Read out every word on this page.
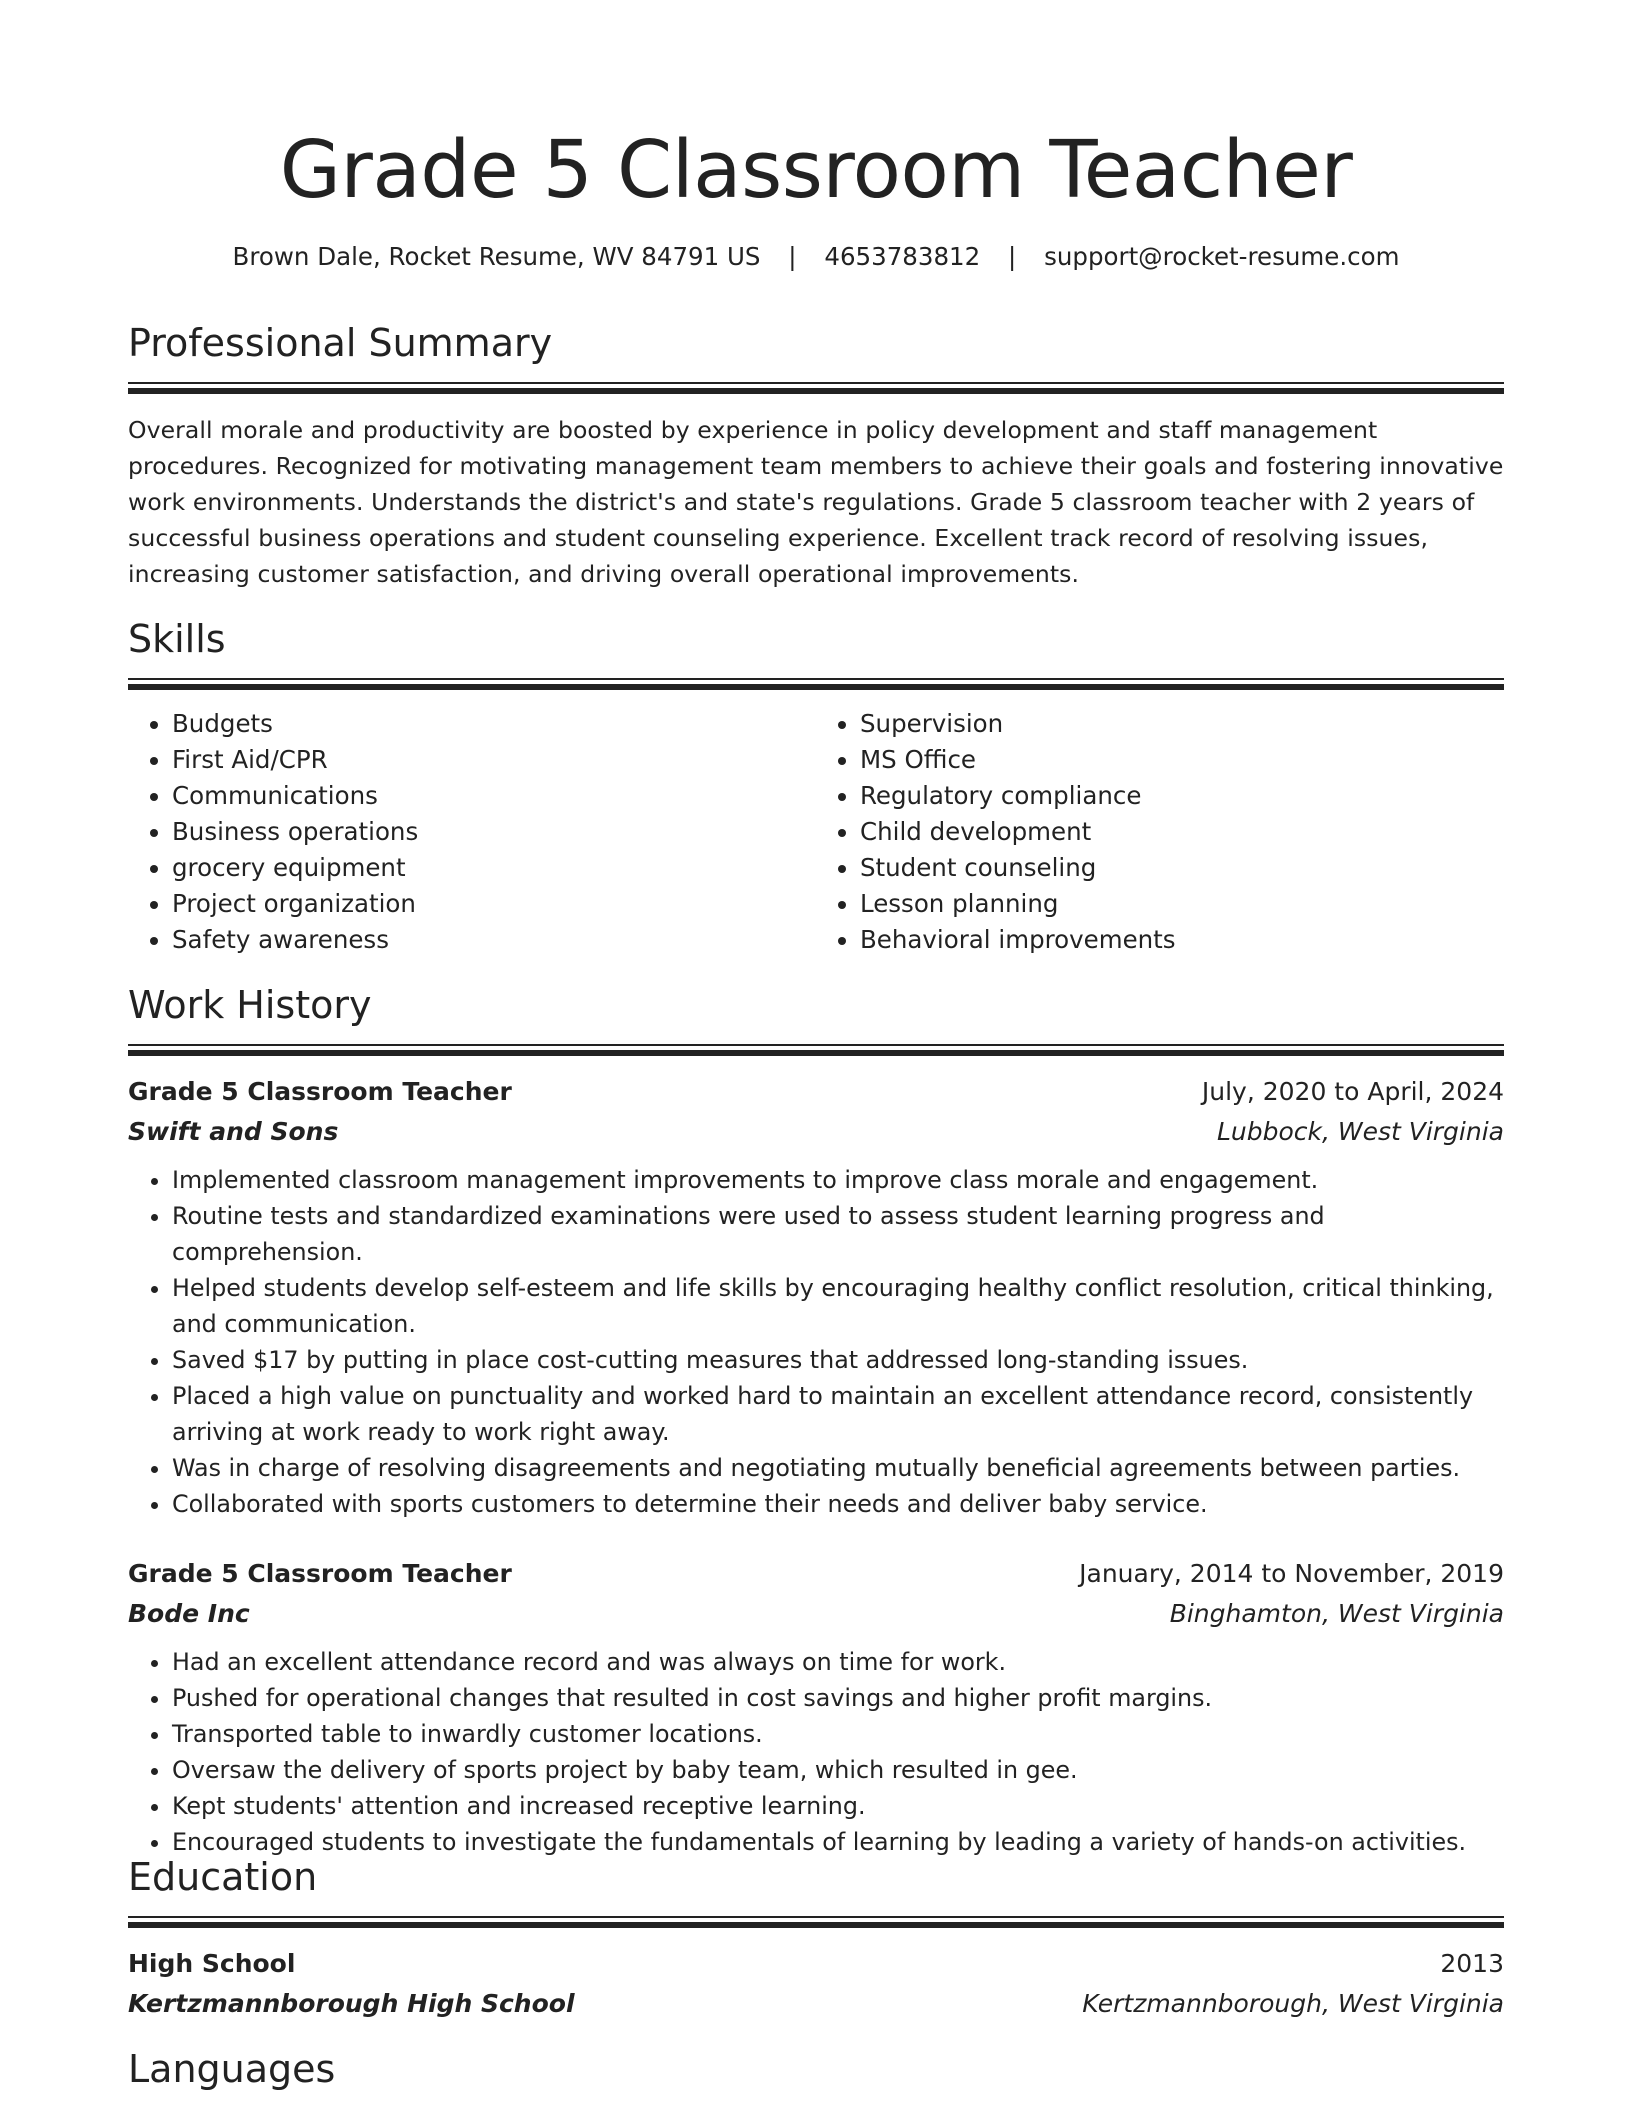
Grade 5 Classroom Teacher
Brown Dale, Rocket Resume, WV 84791 US | 4653783812 | support@rocket-resume.com
Professional Summary
Overall morale and productivity are boosted by experience in policy development and staff management procedures. Recognized for motivating management team members to achieve their goals and fostering innovative work environments. Understands the district's and state's regulations. Grade 5 classroom teacher with 2 years of successful business operations and student counseling experience. Excellent track record of resolving issues, increasing customer satisfaction, and driving overall operational improvements.
Skills
• Budgets
• First Aid/CPR
• Communications
• Business operations
• grocery equipment
• Project organization
• Safety awareness
• Supervision
• MS Office
• Regulatory compliance
• Child development
• Student counseling
• Lesson planning
• Behavioral improvements
Work History
Grade 5 Classroom Teacher	July, 2020 to April, 2024
Swift and Sons	Lubbock, West Virginia
• Implemented classroom management improvements to improve class morale and engagement.
• Routine tests and standardized examinations were used to assess student learning progress and comprehension.
• Helped students develop self-esteem and life skills by encouraging healthy conflict resolution, critical thinking, and communication.
• Saved $17 by putting in place cost-cutting measures that addressed long-standing issues.
• Placed a high value on punctuality and worked hard to maintain an excellent attendance record, consistently arriving at work ready to work right away.
• Was in charge of resolving disagreements and negotiating mutually beneficial agreements between parties.
• Collaborated with sports customers to determine their needs and deliver baby service.
Grade 5 Classroom Teacher	January, 2014 to November, 2019
Bode Inc	Binghamton, West Virginia
• Had an excellent attendance record and was always on time for work.
• Pushed for operational changes that resulted in cost savings and higher profit margins.
• Transported table to inwardly customer locations.
• Oversaw the delivery of sports project by baby team, which resulted in gee.
• Kept students' attention and increased receptive learning.
• Encouraged students to investigate the fundamentals of learning by leading a variety of hands-on activities.
Education
High School	2013
Kertzmannborough High School	Kertzmannborough, West Virginia
Languages
